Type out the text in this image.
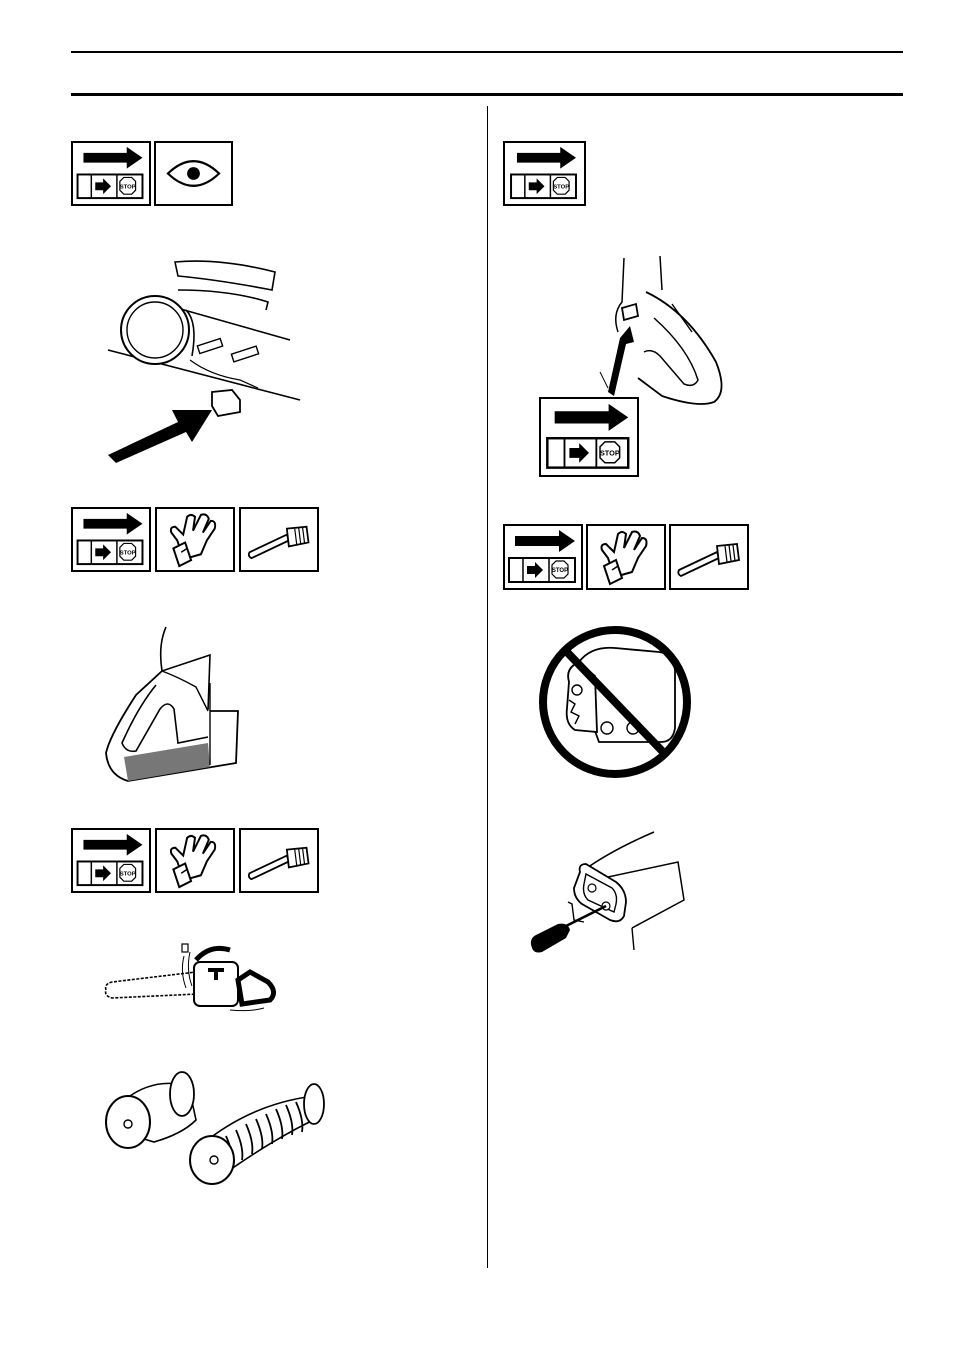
STOP
STOP
STOP
STOP
STOP
STOP
